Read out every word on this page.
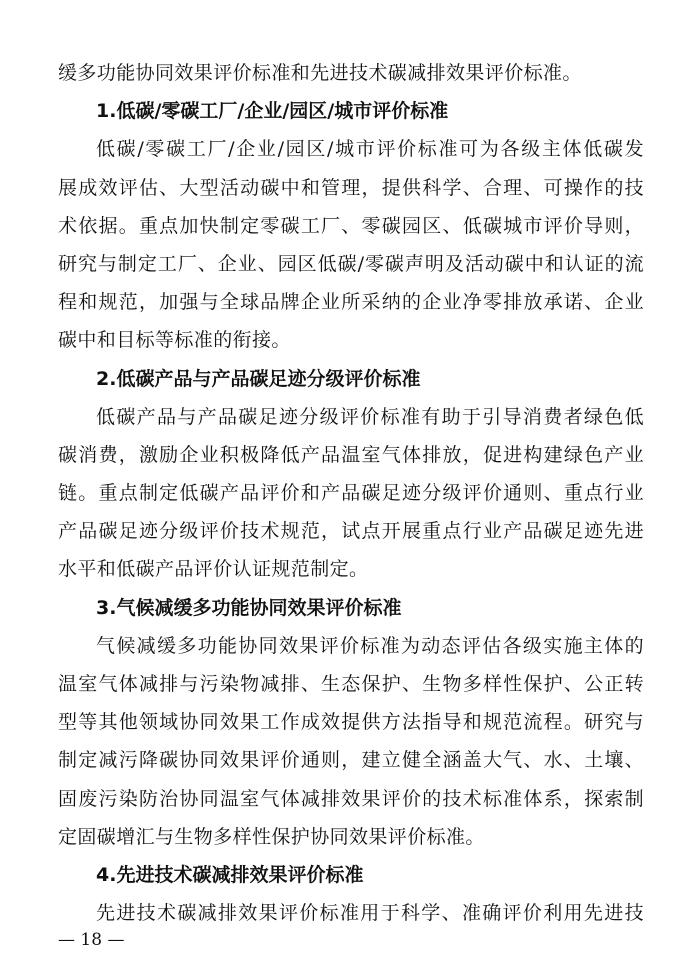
缓多功能协同效果评价标准和先进技术碳减排效果评价标准。
1.低碳/零碳工厂/企业/园区/城市评价标准
低碳/零碳工厂/企业/园区/城市评价标准可为各级主体低碳发
展成效评估、大型活动碳中和管理，提供科学、合理、可操作的技
术依据。重点加快制定零碳工厂、零碳园区、低碳城市评价导则，
研究与制定工厂、企业、园区低碳/零碳声明及活动碳中和认证的流
程和规范，加强与全球品牌企业所采纳的企业净零排放承诺、企业
碳中和目标等标准的衔接。
2.低碳产品与产品碳足迹分级评价标准
低碳产品与产品碳足迹分级评价标准有助于引导消费者绿色低
碳消费，激励企业积极降低产品温室气体排放，促进构建绿色产业
链。重点制定低碳产品评价和产品碳足迹分级评价通则、重点行业
产品碳足迹分级评价技术规范，试点开展重点行业产品碳足迹先进
水平和低碳产品评价认证规范制定。
3.气候减缓多功能协同效果评价标准
气候减缓多功能协同效果评价标准为动态评估各级实施主体的
温室气体减排与污染物减排、生态保护、生物多样性保护、公正转
型等其他领域协同效果工作成效提供方法指导和规范流程。研究与
制定减污降碳协同效果评价通则，建立健全涵盖大气、水、土壤、
固废污染防治协同温室气体减排效果评价的技术标准体系，探索制
定固碳增汇与生物多样性保护协同效果评价标准。
4.先进技术碳减排效果评价标准
先进技术碳减排效果评价标准用于科学、准确评价利用先进技
— 18 —
